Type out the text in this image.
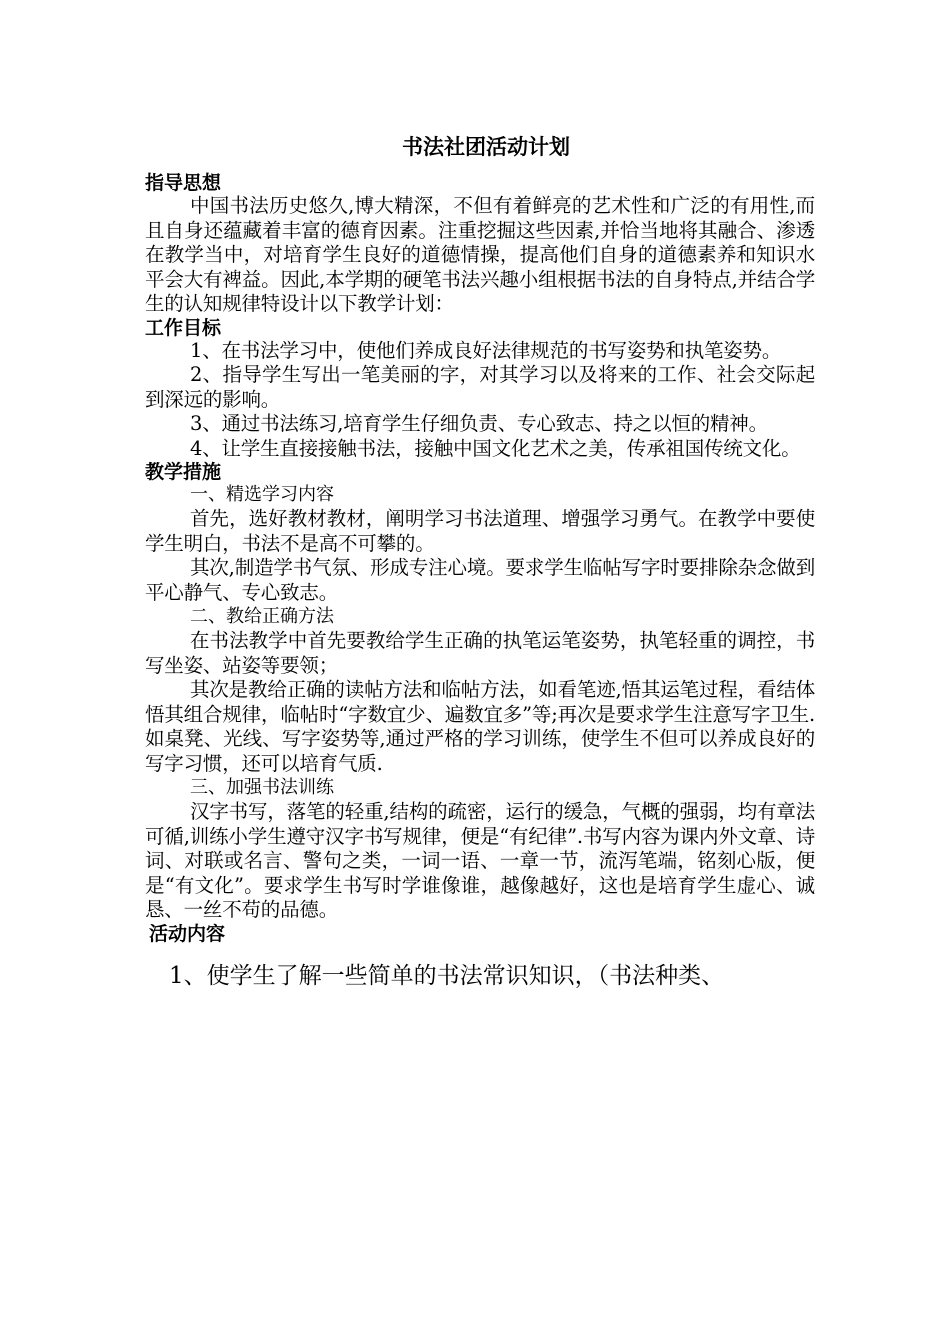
书法社团活动计划
指导思想

中国书法历史悠久,博大精深，不但有着鲜亮的艺术性和广泛的有用性,而且自身还蕴藏着丰富的德育因素。注重挖掘这些因素,并恰当地将其融合、渗透在教学当中，对培育学生良好的道德情操，提高他们自身的道德素养和知识水平会大有裨益。因此,本学期的硬笔书法兴趣小组根据书法的自身特点,并结合学生的认知规律特设计以下教学计划：

工作目标

1、在书法学习中，使他们养成良好法律规范的书写姿势和执笔姿势。

2、指导学生写出一笔美丽的字，对其学习以及将来的工作、社会交际起到深远的影响。

3、通过书法练习,培育学生仔细负责、专心致志、持之以恒的精神。

4、让学生直接接触书法，接触中国文化艺术之美，传承祖国传统文化。

教学措施

一、精选学习内容

首先，选好教材教材，阐明学习书法道理、增强学习勇气。在教学中要使学生明白，书法不是高不可攀的。

其次,制造学书气氛、形成专注心境。要求学生临帖写字时要排除杂念做到平心静气、专心致志。

二、教给正确方法

在书法教学中首先要教给学生正确的执笔运笔姿势，执笔轻重的调控，书写坐姿、站姿等要领；

其次是教给正确的读帖方法和临帖方法，如看笔迹,悟其运笔过程，看结体悟其组合规律，临帖时“字数宜少、遍数宜多”等;再次是要求学生注意写字卫生.如桌凳、光线、写字姿势等,通过严格的学习训练，使学生不但可以养成良好的写字习惯，还可以培育气质.

三、加强书法训练

汉字书写，落笔的轻重,结构的疏密，运行的缓急，气概的强弱，均有章法可循,训练小学生遵守汉字书写规律，便是“有纪律”.书写内容为课内外文章、诗词、对联或名言、警句之类，一词一语、一章一节，流泻笔端，铭刻心版，便是“有文化”。要求学生书写时学谁像谁，越像越好，这也是培育学生虚心、诚恳、一丝不苟的品德。

活动内容

1、使学生了解一些简单的书法常识知识，（书法种类、
